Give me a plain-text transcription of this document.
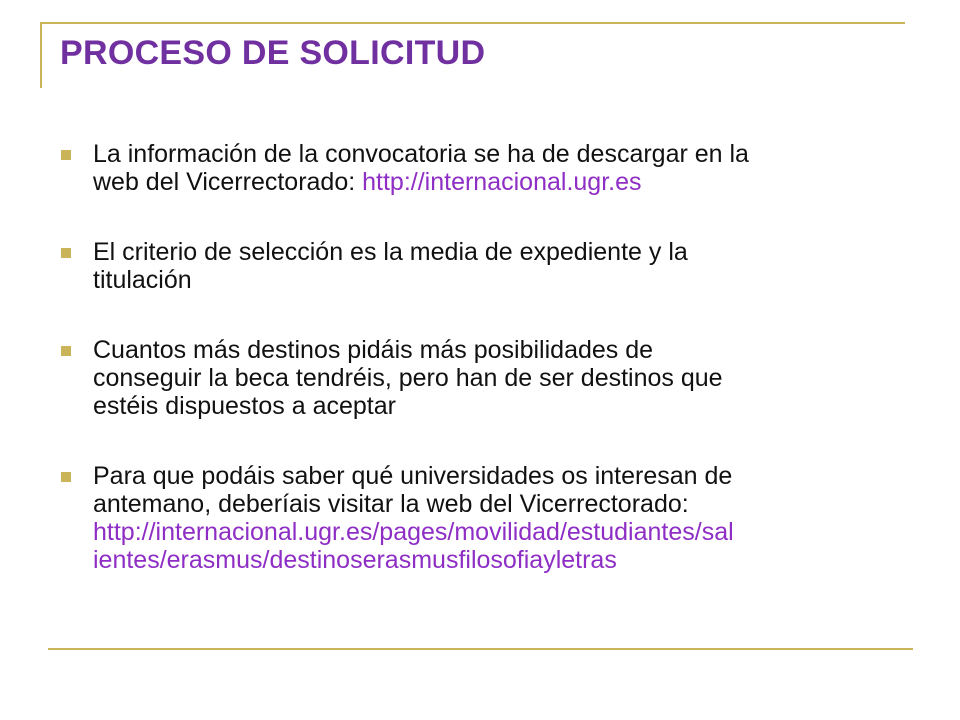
PROCESO DE SOLICITUD
La información de la convocatoria se ha de descargar en la
web del Vicerrectorado: http://internacional.ugr.es
El criterio de selección es la media de expediente y la
titulación
Cuantos más destinos pidáis más posibilidades de
conseguir la beca tendréis, pero han de ser destinos que
estéis dispuestos a aceptar
Para que podáis saber qué universidades os interesan de
antemano, deberíais visitar la web del Vicerrectorado:
http://internacional.ugr.es/pages/movilidad/estudiantes/sal
ientes/erasmus/destinoserasmusfilosofiayletras
